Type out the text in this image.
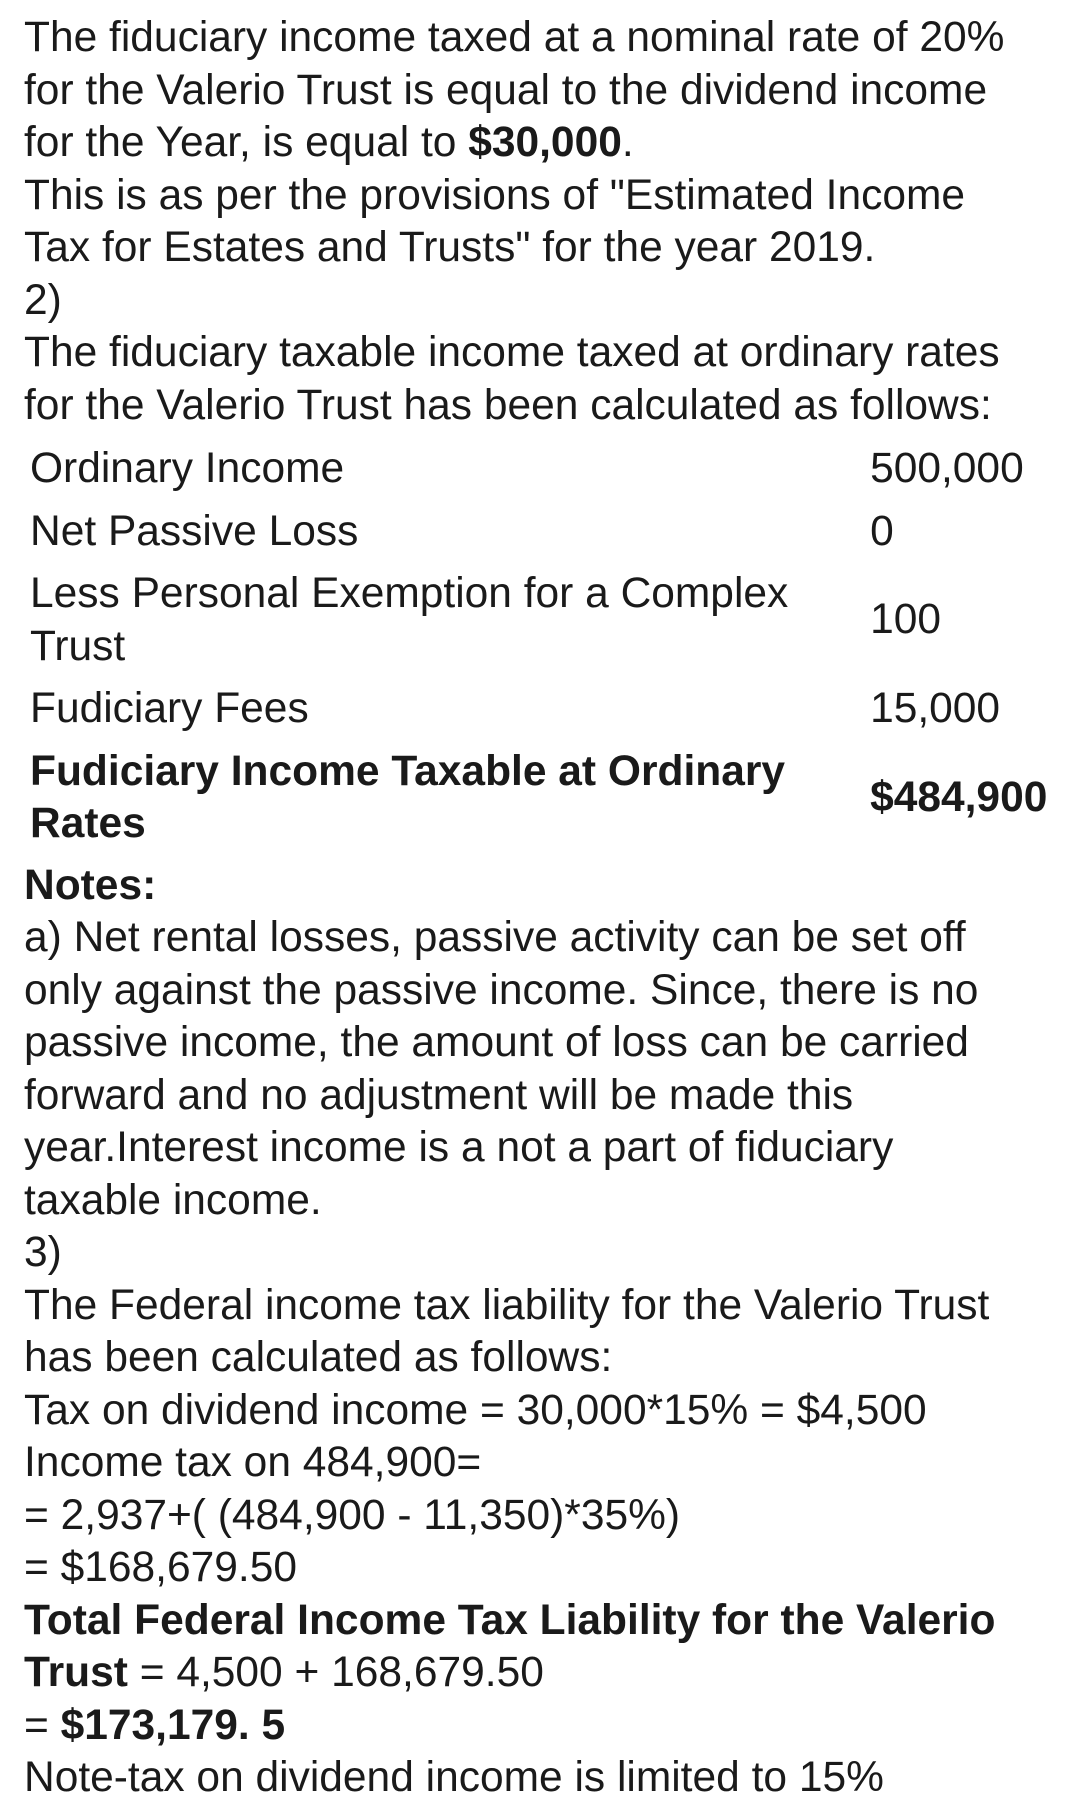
The fiduciary income taxed at a nominal rate of 20%
for the Valerio Trust is equal to the dividend income
for the Year, is equal to $30,000.
This is as per the provisions of "Estimated Income
Tax for Estates and Trusts" for the year 2019.
2)
The fiduciary taxable income taxed at ordinary rates
for the Valerio Trust has been calculated as follows:
Ordinary Income	500,000
Net Passive Loss	0
Less Personal Exemption for a Complex Trust	100
Fudiciary Fees	15,000
Fudiciary Income Taxable at Ordinary Rates	$484,900
Notes:
a) Net rental losses, passive activity can be set off
only against the passive income. Since, there is no
passive income, the amount of loss can be carried
forward and no adjustment will be made this
year.Interest income is a not a part of fiduciary
taxable income.
3)
The Federal income tax liability for the Valerio Trust
has been calculated as follows:
Tax on dividend income = 30,000*15% = $4,500
Income tax on 484,900=
= 2,937+( (484,900 - 11,350)*35%)
= $168,679.50
Total Federal Income Tax Liability for the Valerio
Trust = 4,500 + 168,679.50
= $173,179. 5
Note-tax on dividend income is limited to 15%
